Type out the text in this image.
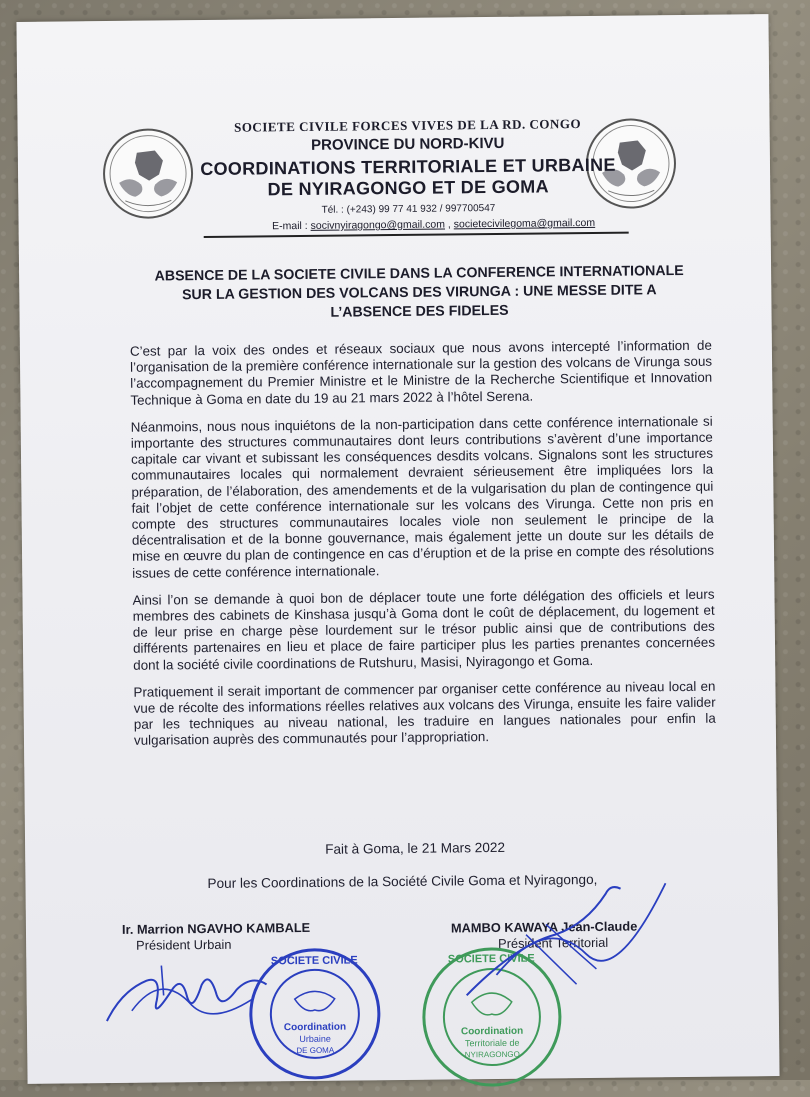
SOCIETE CIVILE FORCES VIVES DE LA RD. CONGO
PROVINCE DU NORD-KIVU
COORDINATIONS TERRITORIALE ET URBAINE
DE NYIRAGONGO ET DE GOMA
Tél. : (+243) 99 77 41 932 / 997700547
E-mail : socivnyiragongo@gmail.com , societecivilegoma@gmail.com
ABSENCE DE LA SOCIETE CIVILE DANS LA CONFERENCE INTERNATIONALE
SUR LA GESTION DES VOLCANS DES VIRUNGA : UNE MESSE DITE A
L’ABSENCE DES FIDELES

C’est par la voix des ondes et réseaux sociaux que nous avons intercepté l’information de l’organisation de la première conférence internationale sur la gestion des volcans de Virunga sous l’accompagnement du Premier Ministre et le Ministre de la Recherche Scientifique et Innovation Technique à Goma en date du 19 au 21 mars 2022 à l’hôtel Serena.

Néanmoins, nous nous inquiétons de la non-participation dans cette conférence internationale si importante des structures communautaires dont leurs contributions s’avèrent d’une importance capitale car vivant et subissant les conséquences desdits volcans. Signalons sont les structures communautaires locales qui normalement devraient sérieusement être impliquées lors la préparation, de l’élaboration, des amendements et de la vulgarisation du plan de contingence qui fait l’objet de cette conférence internationale sur les volcans des Virunga. Cette non pris en compte des structures communautaires locales viole non seulement le principe de la décentralisation et de la bonne gouvernance, mais également jette un doute sur les détails de mise en œuvre du plan de contingence en cas d’éruption et de la prise en compte des résolutions issues de cette conférence internationale.

Ainsi l’on se demande à quoi bon de déplacer toute une forte délégation des officiels et leurs membres des cabinets de Kinshasa jusqu’à Goma dont le coût de déplacement, du logement et de leur prise en charge pèse lourdement sur le trésor public ainsi que de contributions des différents partenaires en lieu et place de faire participer plus les parties prenantes concernées dont la société civile coordinations de Rutshuru, Masisi, Nyiragongo et Goma.

Pratiquement il serait important de commencer par organiser cette conférence au niveau local en vue de récolte des informations réelles relatives aux volcans des Virunga, ensuite les faire valider par les techniques au niveau national, les traduire en langues nationales pour enfin la vulgarisation auprès des communautés pour l’appropriation.

Fait à Goma, le 21 Mars 2022
Pour les Coordinations de la Société Civile Goma et Nyiragongo,
Ir. Marrion NGAVHO KAMBALE
Président Urbain
MAMBO KAWAYA Jean-Claude
Président Territorial
SOCIETE CIVILE
Coordination
Urbaine
DE GOMA
SOCIETE CIVILE
Coordination
Territoriale de
NYIRAGONGO
